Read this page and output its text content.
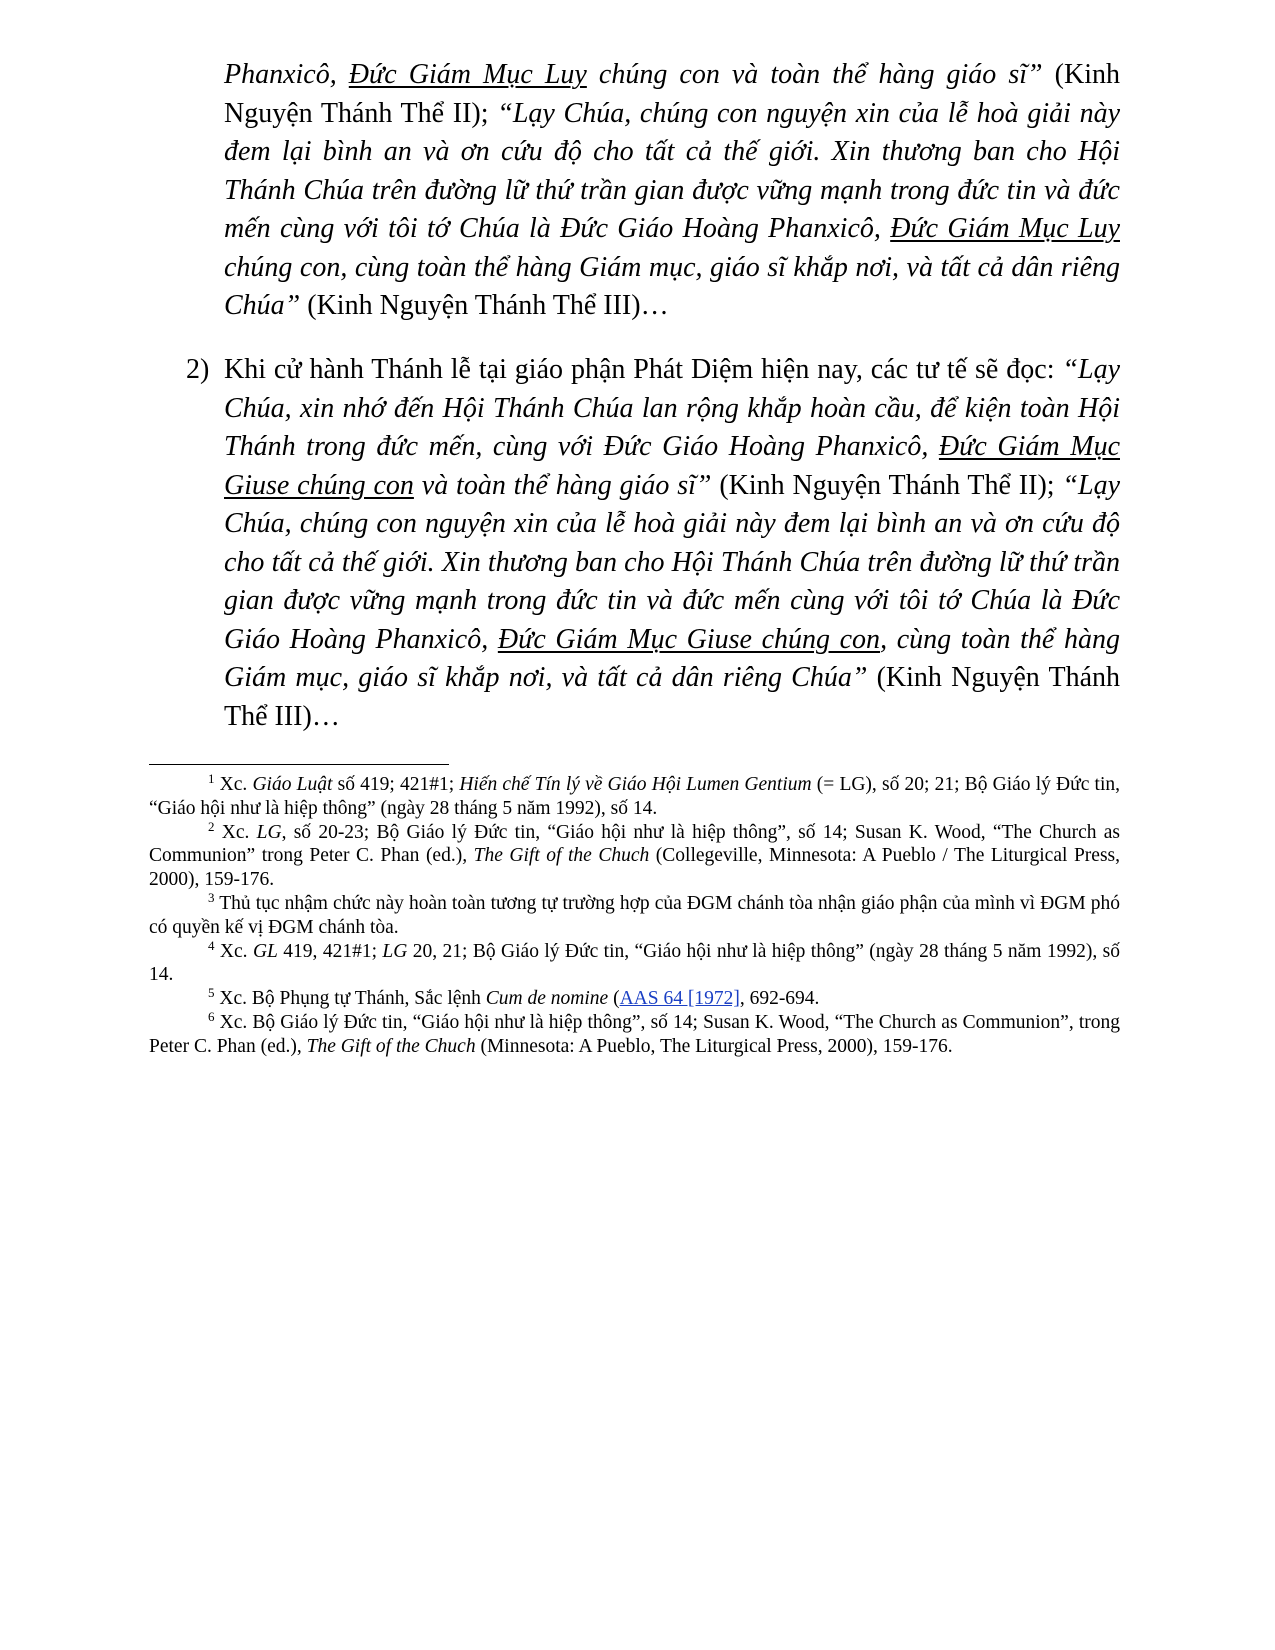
Phanxicô, Đức Giám Mục Luy chúng con và toàn thể hàng giáo sĩ” (Kinh Nguyện Thánh Thể II); “Lạy Chúa, chúng con nguyện xin của lễ hoà giải này đem lại bình an và ơn cứu độ cho tất cả thế giới. Xin thương ban cho Hội Thánh Chúa trên đường lữ thứ trần gian được vững mạnh trong đức tin và đức mến cùng với tôi tớ Chúa là Đức Giáo Hoàng Phanxicô, Đức Giám Mục Luy chúng con, cùng toàn thể hàng Giám mục, giáo sĩ khắp nơi, và tất cả dân riêng Chúa” (Kinh Nguyện Thánh Thể III)…

2) Khi cử hành Thánh lễ tại giáo phận Phát Diệm hiện nay, các tư tế sẽ đọc: “Lạy Chúa, xin nhớ đến Hội Thánh Chúa lan rộng khắp hoàn cầu, để kiện toàn Hội Thánh trong đức mến, cùng với Đức Giáo Hoàng Phanxicô, Đức Giám Mục Giuse chúng con và toàn thể hàng giáo sĩ” (Kinh Nguyện Thánh Thể II); “Lạy Chúa, chúng con nguyện xin của lễ hoà giải này đem lại bình an và ơn cứu độ cho tất cả thế giới. Xin thương ban cho Hội Thánh Chúa trên đường lữ thứ trần gian được vững mạnh trong đức tin và đức mến cùng với tôi tớ Chúa là Đức Giáo Hoàng Phanxicô, Đức Giám Mục Giuse chúng con, cùng toàn thể hàng Giám mục, giáo sĩ khắp nơi, và tất cả dân riêng Chúa” (Kinh Nguyện Thánh Thể III)…

$^1$ Xc. Giáo Luật số 419; 421#1; Hiến chế Tín lý về Giáo Hội Lumen Gentium (= LG), số 20; 21; Bộ Giáo lý Đức tin, “Giáo hội như là hiệp thông” (ngày 28 tháng 5 năm 1992), số 14.

$^2$ Xc. LG, số 20-23; Bộ Giáo lý Đức tin, “Giáo hội như là hiệp thông”, số 14; Susan K. Wood, “The Church as Communion” trong Peter C. Phan (ed.), The Gift of the Chuch (Collegeville, Minnesota: A Pueblo / The Liturgical Press, 2000), 159-176.

$^3$ Thủ tục nhậm chức này hoàn toàn tương tự trường hợp của ĐGM chánh tòa nhận giáo phận của mình vì ĐGM phó có quyền kế vị ĐGM chánh tòa.

$^4$ Xc. GL 419, 421#1; LG 20, 21; Bộ Giáo lý Đức tin, “Giáo hội như là hiệp thông” (ngày 28 tháng 5 năm 1992), số 14.

$^5$ Xc. Bộ Phụng tự Thánh, Sắc lệnh Cum de nomine (AAS 64 [1972], 692-694.

$^6$ Xc. Bộ Giáo lý Đức tin, “Giáo hội như là hiệp thông”, số 14; Susan K. Wood, “The Church as Communion”, trong Peter C. Phan (ed.), The Gift of the Chuch (Minnesota: A Pueblo, The Liturgical Press, 2000), 159-176.
